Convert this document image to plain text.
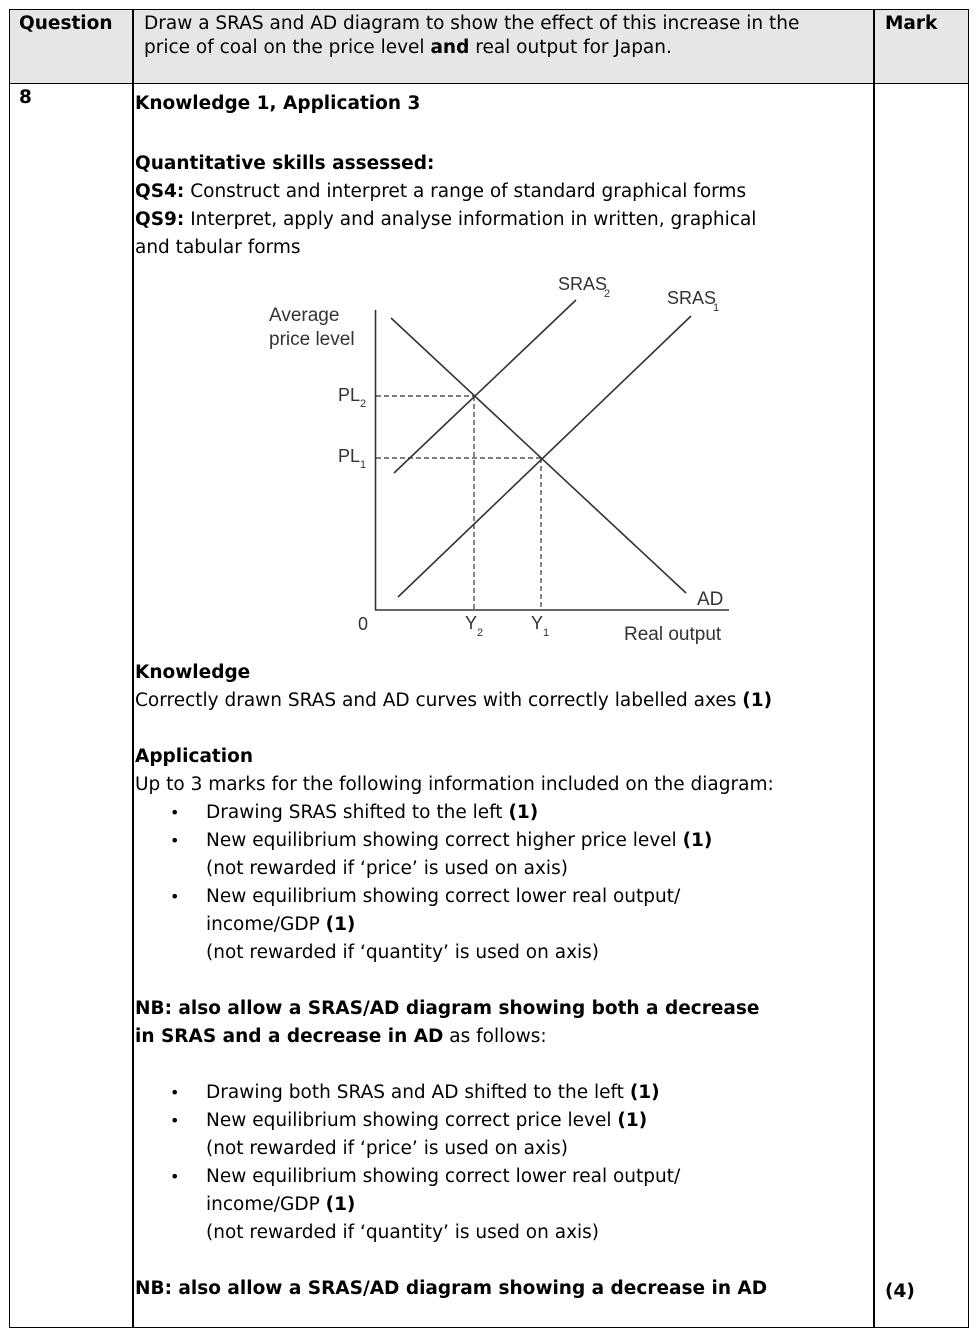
Question Draw a SRAS and AD diagram to show the effect of this increase in the
price of coal on the price level and real output for Japan.
Mark
8
(4)
Knowledge 1, Application 3

Quantitative skills assessed:

QS4: Construct and interpret a range of standard graphical forms

QS9: Interpret, apply and analyse information in written, graphical

and tabular forms

Average
price level
Real output
0
PL 2
PL 1
Y 2	Y 1
SRAS
2	SRAS
1
AD

Knowledge

Correctly drawn SRAS and AD curves with correctly labelled axes (1)

Application

Up to 3 marks for the following information included on the diagram:

• Drawing SRAS shifted to the left (1)
• New equilibrium showing correct higher price level (1)
(not rewarded if ‘price’ is used on axis)
• New equilibrium showing correct lower real output/
income/GDP (1)
(not rewarded if ‘quantity’ is used on axis)

NB: also allow a SRAS/AD diagram showing both a decrease

in SRAS and a decrease in AD as follows:

• Drawing both SRAS and AD shifted to the left (1)
• New equilibrium showing correct price level (1)
(not rewarded if ‘price’ is used on axis)
• New equilibrium showing correct lower real output/
income/GDP (1)
(not rewarded if ‘quantity’ is used on axis)
NB: also allow a SRAS/AD diagram showing a decrease in AD
